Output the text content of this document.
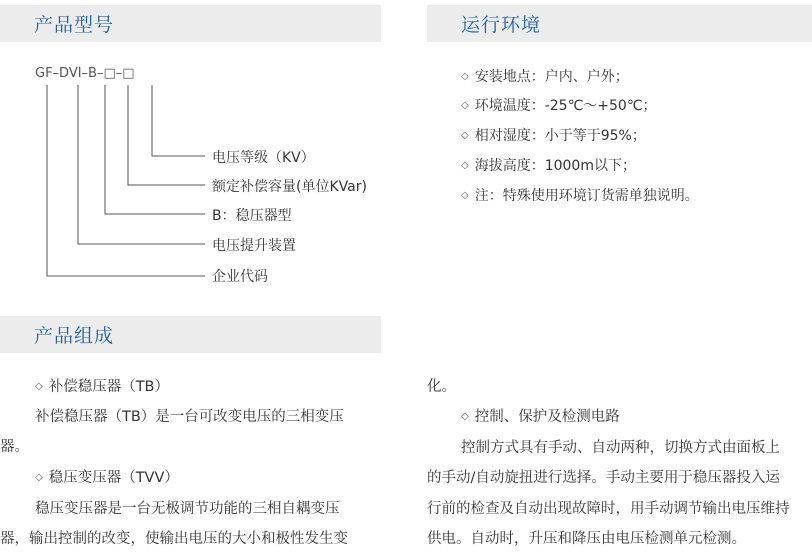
产品型号	运行环境
产品组成
GF–DVI–B–□–□
电压等级（KV）
额定补偿容量(单位KVar)
B：稳压器型
电压提升装置
企业代码
◇ 安装地点：户内、户外；
◇ 环境温度：-25℃～+50℃；
◇ 相对湿度：小于等于95%；
◇ 海拔高度：1000m以下；
◇ 注：特殊使用环境订货需单独说明。
◇ 补偿稳压器（TB）
补偿稳压器（TB）是一台可改变电压的三相变压
器。
◇ 稳压变压器（TVV）
稳压变压器是一台无极调节功能的三相自耦变压
器，输出控制的改变，使输出电压的大小和极性发生变
化。
◇ 控制、保护及检测电路
控制方式具有手动、自动两种，切换方式由面板上
的手动/自动旋扭进行选择。手动主要用于稳压器投入运
行前的检查及自动出现故障时，用手动调节输出电压维持
供电。自动时，升压和降压由电压检测单元检测。
